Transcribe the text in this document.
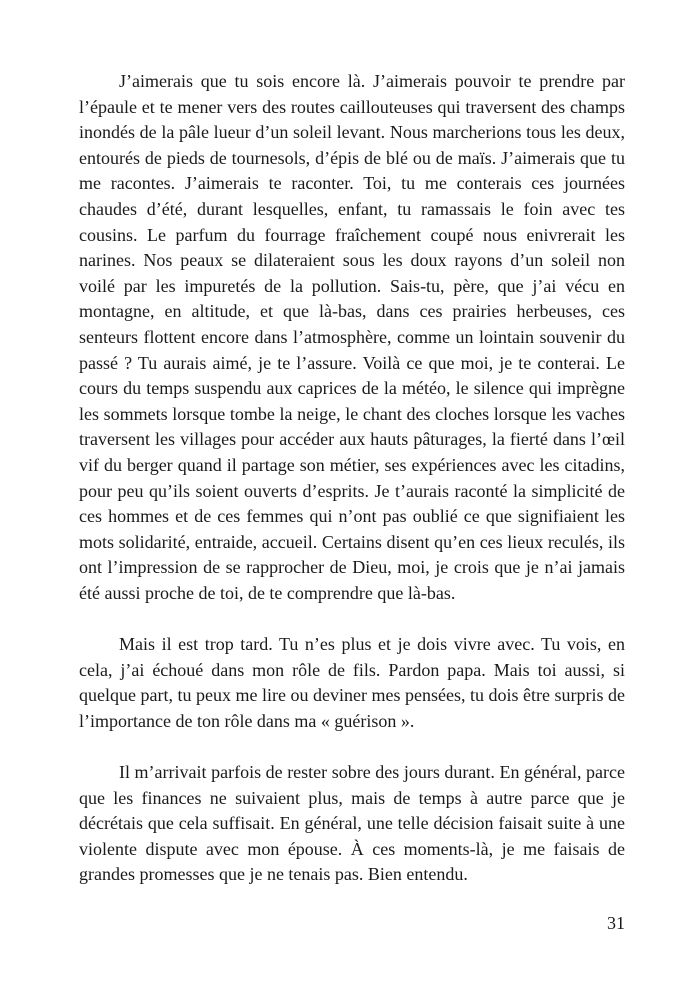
J’aimerais que tu sois encore là. J’aimerais pouvoir te prendre par l’épaule et te mener vers des routes caillouteuses qui traversent des champs inondés de la pâle lueur d’un soleil levant. Nous marcherions tous les deux, entourés de pieds de tournesols, d’épis de blé ou de maïs. J’aimerais que tu me racontes. J’aimerais te raconter. Toi, tu me conterais ces journées chaudes d’été, durant lesquelles, enfant, tu ramassais le foin avec tes cousins. Le parfum du fourrage fraîchement coupé nous enivrerait les narines. Nos peaux se dilateraient sous les doux rayons d’un soleil non voilé par les impuretés de la pollution. Sais-tu, père, que j’ai vécu en montagne, en altitude, et que là-bas, dans ces prairies herbeuses, ces senteurs flottent encore dans l’atmosphère, comme un lointain souvenir du passé ? Tu aurais aimé, je te l’assure. Voilà ce que moi, je te conterai. Le cours du temps suspendu aux caprices de la météo, le silence qui imprègne les sommets lorsque tombe la neige, le chant des cloches lorsque les vaches traversent les villages pour accéder aux hauts pâturages, la fierté dans l’œil vif du berger quand il partage son métier, ses expériences avec les citadins, pour peu qu’ils soient ouverts d’esprits. Je t’aurais raconté la simplicité de ces hommes et de ces femmes qui n’ont pas oublié ce que signifiaient les mots solidarité, entraide, accueil. Certains disent qu’en ces lieux reculés, ils ont l’impression de se rapprocher de Dieu, moi, je crois que je n’ai jamais été aussi proche de toi, de te comprendre que là-bas.

Mais il est trop tard. Tu n’es plus et je dois vivre avec. Tu vois, en cela, j’ai échoué dans mon rôle de fils. Pardon papa. Mais toi aussi, si quelque part, tu peux me lire ou deviner mes pensées, tu dois être surpris de l’importance de ton rôle dans ma « guérison ».

Il m’arrivait parfois de rester sobre des jours durant. En général, parce que les finances ne suivaient plus, mais de temps à autre parce que je décrétais que cela suffisait. En général, une telle décision faisait suite à une violente dispute avec mon épouse. À ces moments-là, je me faisais de grandes promesses que je ne tenais pas. Bien entendu.

31
